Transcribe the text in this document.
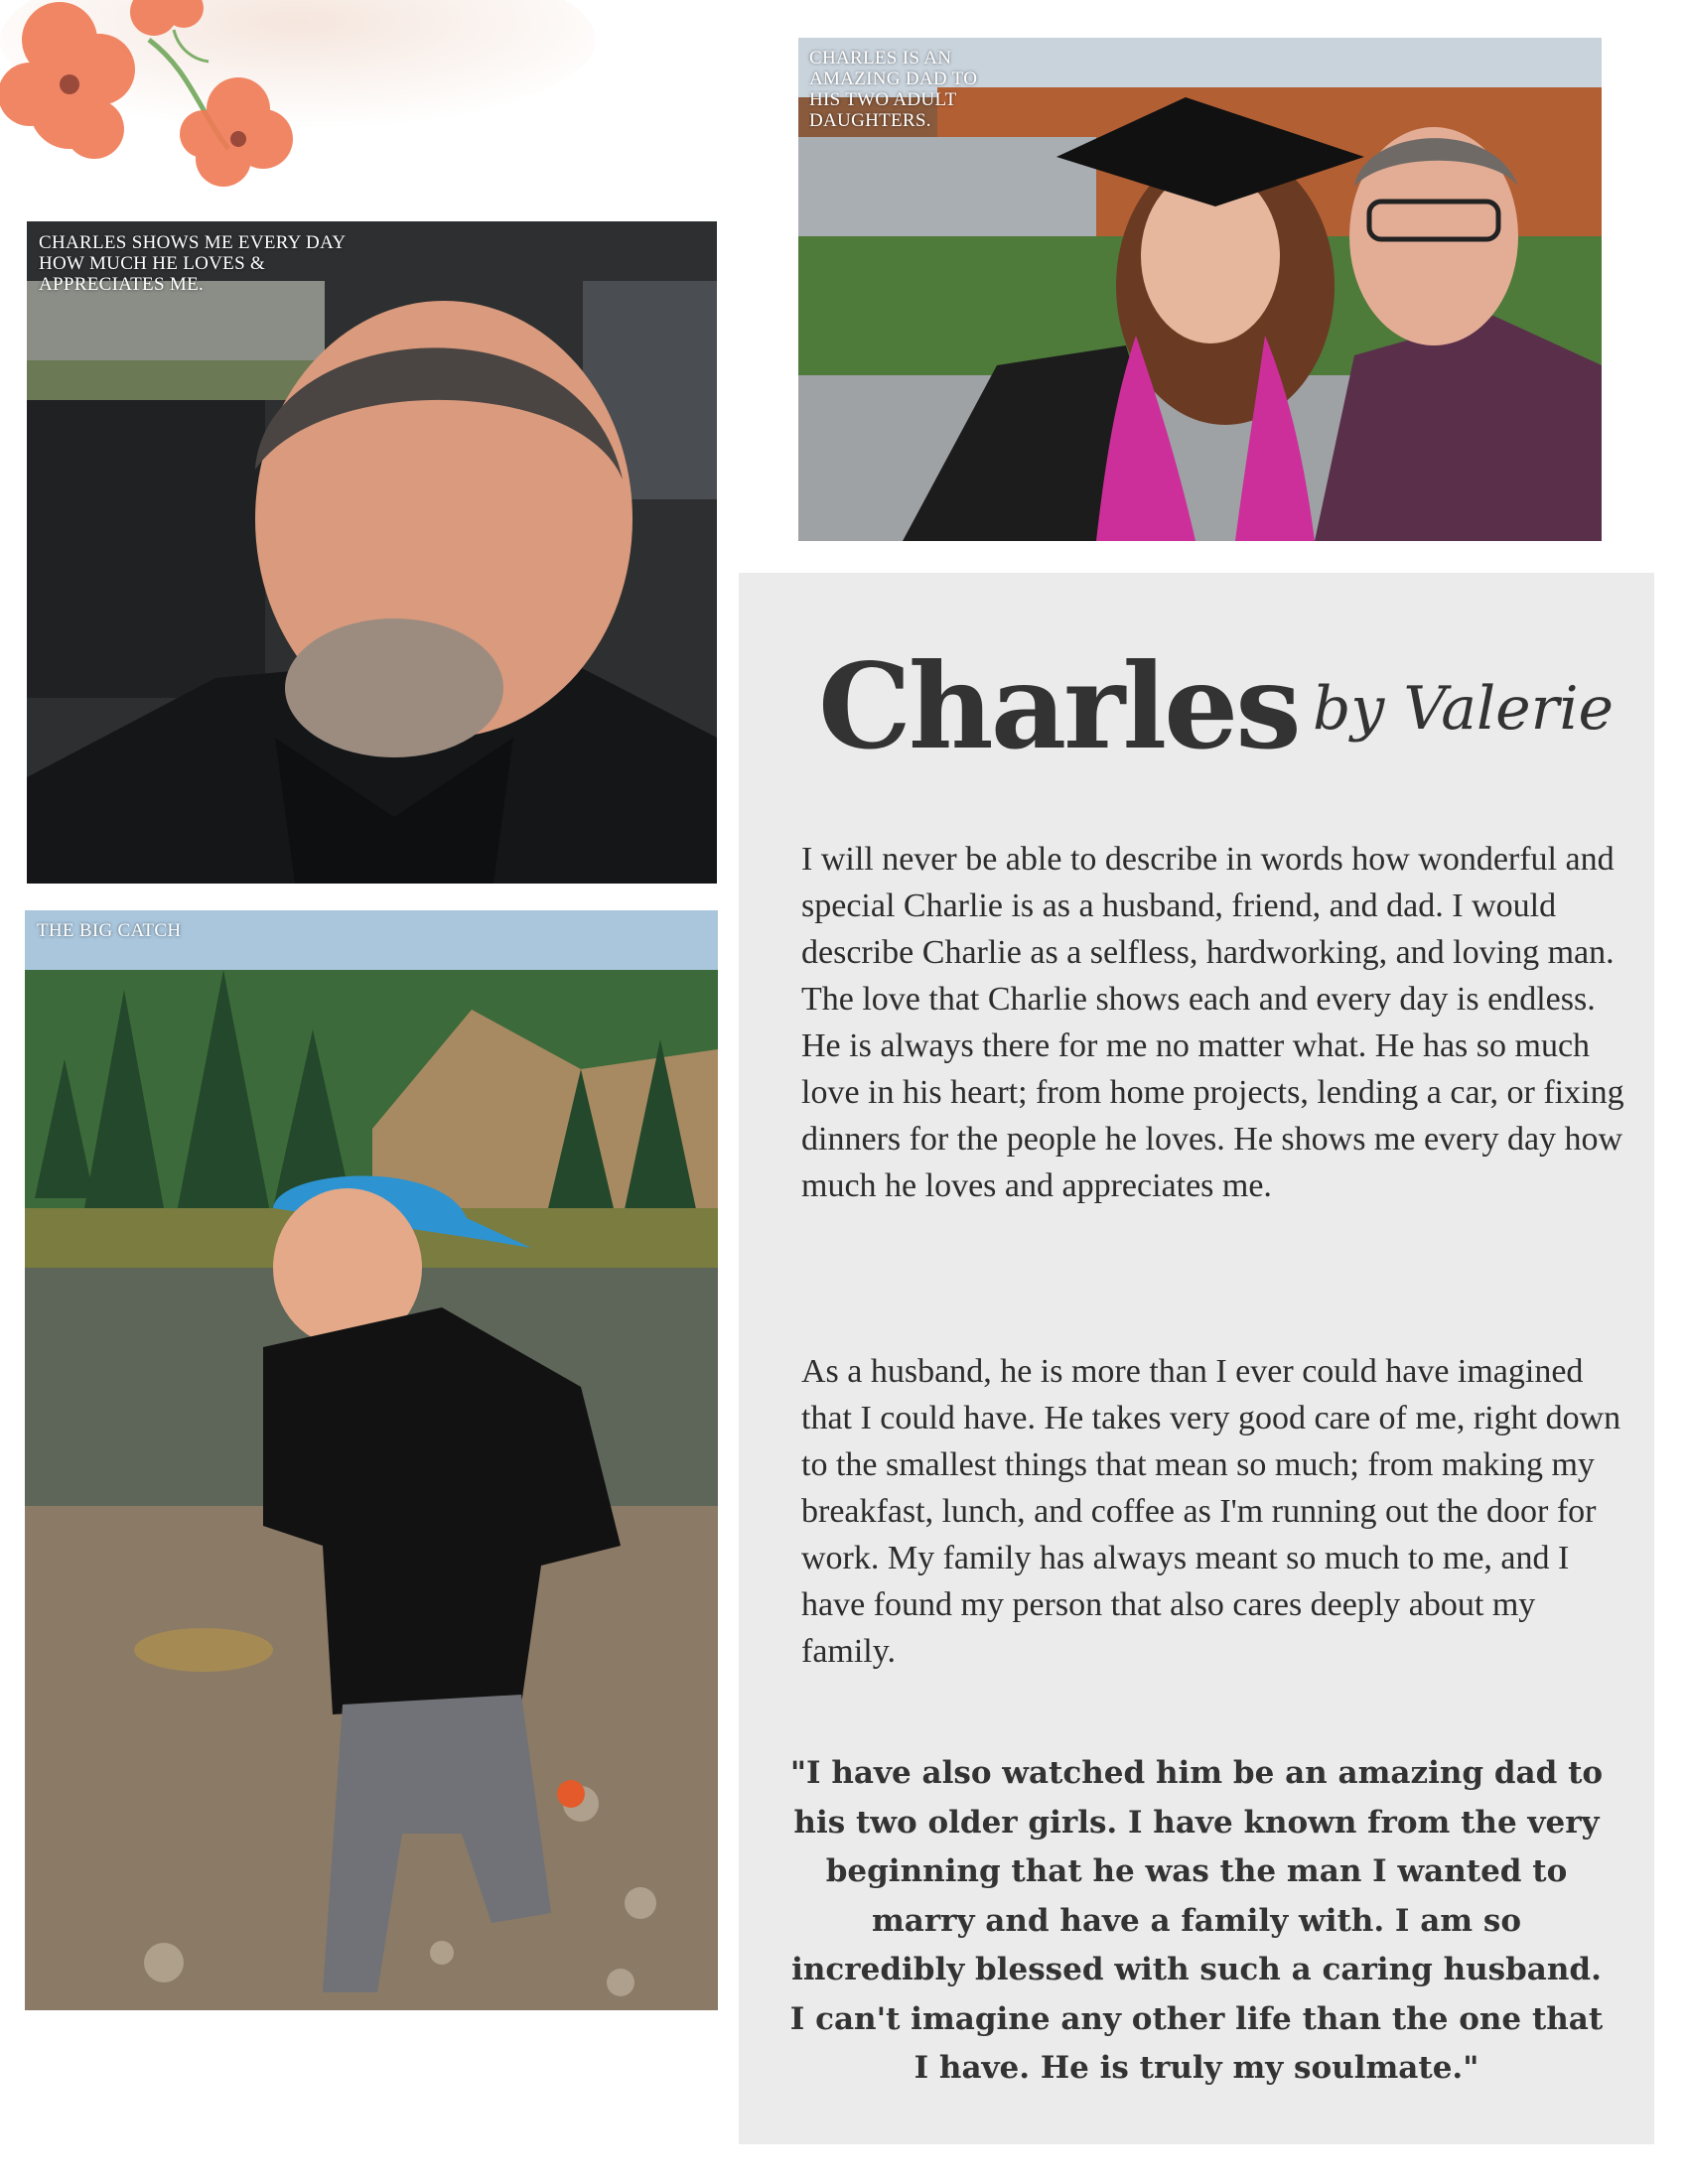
CHARLES IS AN
AMAZING DAD TO
HIS TWO ADULT
DAUGHTERS.
CHARLES SHOWS ME EVERY DAY
HOW MUCH HE LOVES &
APPRECIATES ME.
THE BIG CATCH
Charles by Valerie

I will never be able to describe in words how wonderful and special Charlie is as a husband, friend, and dad. I would describe Charlie as a selfless, hardworking, and loving man. The love that Charlie shows each and every day is endless. He is always there for me no matter what. He has so much love in his heart; from home projects, lending a car, or fixing dinners for the people he loves. He shows me every day how much he loves and appreciates me.

As a husband, he is more than I ever could have imagined that I could have. He takes very good care of me, right down to the smallest things that mean so much; from making my breakfast, lunch, and coffee as I'm running out the door for work. My family has always meant so much to me, and I have found my person that also cares deeply about my family.

"I have also watched him be an amazing dad to his two older girls. I have known from the very beginning that he was the man I wanted to marry and have a family with. I am so incredibly blessed with such a caring husband. I can't imagine any other life than the one that I have. He is truly my soulmate."
